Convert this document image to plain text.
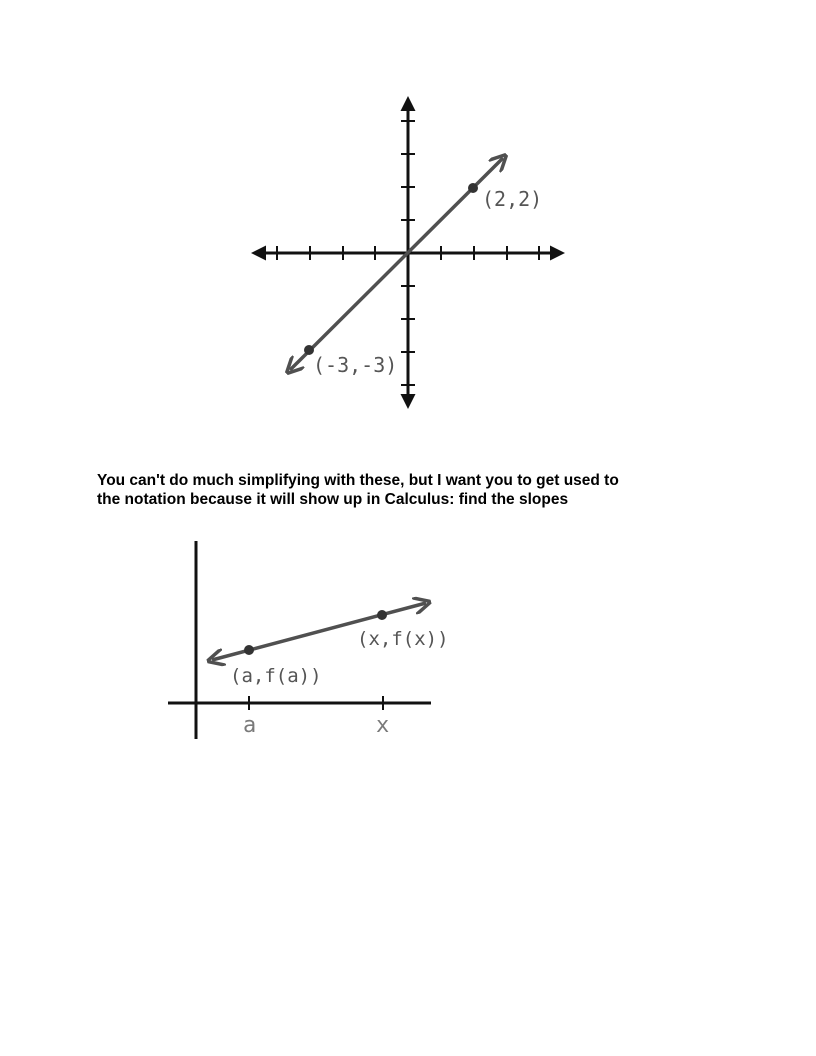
(2,2)
(-3,-3)
(x,f(x))
(a,f(a))
a	x
You can't do much simplifying with these, but I want you to get used to
the notation because it will show up in Calculus: find the slopes
